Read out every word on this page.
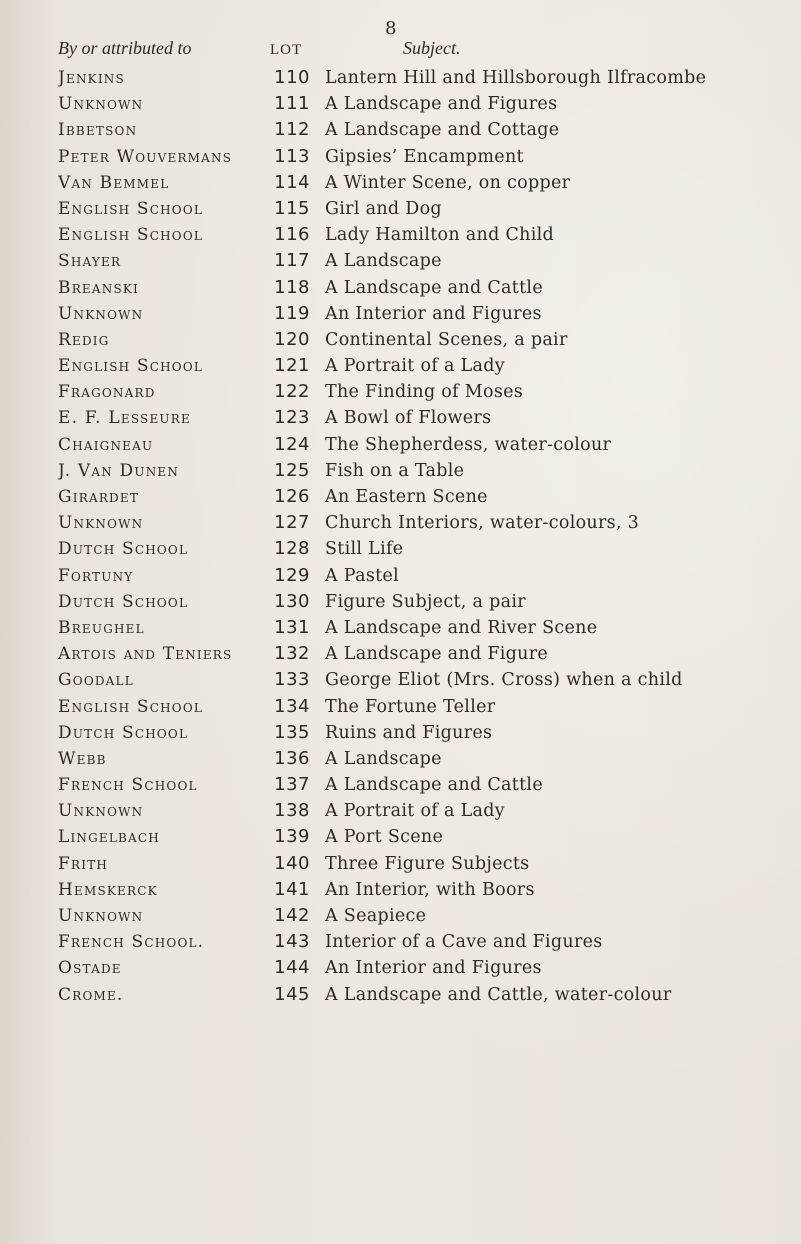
8
By or attributed to	LOT	Subject.
Jenkins	110 Lantern Hill and Hillsborough Ilfracombe
Unknown	111 A Landscape and Figures
Ibbetson	112 A Landscape and Cottage
Peter Wouvermans	113 Gipsies’ Encampment
Van Bemmel	114 A Winter Scene, on copper
English School	115 Girl and Dog
English School	116 Lady Hamilton and Child
Shayer	117 A Landscape
Breanski	118 A Landscape and Cattle
Unknown	119 An Interior and Figures
Redig	120 Continental Scenes, a pair
English School	121 A Portrait of a Lady
Fragonard	122 The Finding of Moses
E. F. Lesseure	123 A Bowl of Flowers
Chaigneau	124 The Shepherdess, water-colour
J. Van Dunen	125 Fish on a Table
Girardet	126 An Eastern Scene
Unknown	127 Church Interiors, water-colours, 3
Dutch School	128 Still Life
Fortuny	129 A Pastel
Dutch School	130 Figure Subject, a pair
Breughel	131 A Landscape and River Scene
Artois and Teniers	132 A Landscape and Figure
Goodall	133 George Eliot (Mrs. Cross) when a child
English School	134 The Fortune Teller
Dutch School	135 Ruins and Figures
Webb	136 A Landscape
French School	137 A Landscape and Cattle
Unknown	138 A Portrait of a Lady
Lingelbach	139 A Port Scene
Frith	140 Three Figure Subjects
Hemskerck	141 An Interior, with Boors
Unknown	142 A Seapiece
French School.	143 Interior of a Cave and Figures
Ostade	144 An Interior and Figures
Crome.	145 A Landscape and Cattle, water-colour
